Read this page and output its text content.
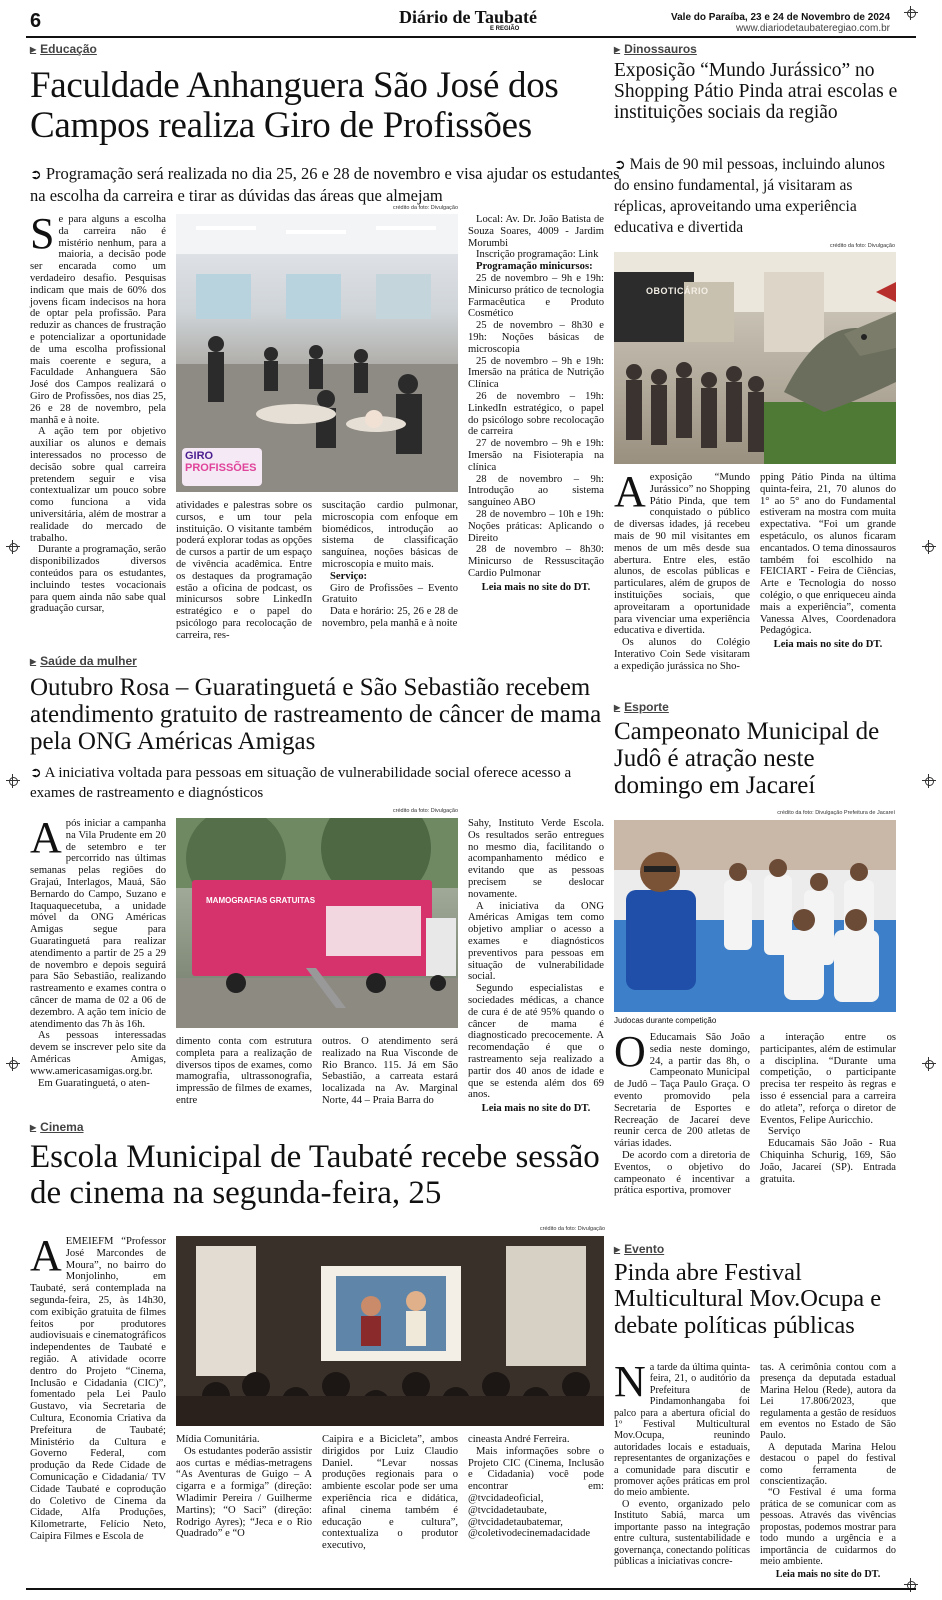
6	Diário de Taubaté
E REGIÃO
Vale do Paraíba, 23 e 24 de Novembro de 2024
www.diariodetaubateregiao.com.br
▶ Educação
Faculdade Anhanguera São José dos Campos realiza Giro de Profissões
➲ Programação será realizada no dia 25, 26 e 28 de novembro e visa ajudar os estudantes na escolha da carreira e tirar as dúvidas das áreas que almejam
crédito da foto: Divulgação
S e para alguns a escolha da carreira não é mistério nenhum, para a maioria, a decisão pode ser encarada como um verdadeiro desafio. Pesquisas indicam que mais de 60% dos jovens ficam indecisos na hora de optar pela profissão. Para reduzir as chances de frustração e potencializar a oportunidade de uma escolha profissional mais coerente e segura, a Faculdade Anhanguera São José dos Campos realizará o Giro de Profissões, nos dias 25, 26 e 28 de novembro, pela manhã e à noite.

A ação tem por objetivo auxiliar os alunos e demais interessados no processo de decisão sobre qual carreira pretendem seguir e visa contextualizar um pouco sobre como funciona a vida universitária, além de mostrar a realidade do mercado de trabalho.

Durante a programação, serão disponibilizados diversos conteúdos para os estudantes, incluindo testes vocacionais para quem ainda não sabe qual graduação cursar,

GIRO
PROFISSÕES

atividades e palestras sobre os cursos, e um tour pela instituição. O visitante também poderá explorar todas as opções de cursos a partir de um espaço de vivência acadêmica. Entre os destaques da programação estão a oficina de podcast, os minicursos sobre LinkedIn estratégico e o papel do psicólogo para recolocação de carreira, res-

suscitação cardio pulmonar, microscopia com enfoque em biomédicos, introdução ao sistema de classificação sanguínea, noções básicas de microscopia e muito mais.

Serviço:

Giro de Profissões – Evento Gratuito

Data e horário: 25, 26 e 28 de novembro, pela manhã e à noite

Local: Av. Dr. João Batista de Souza Soares, 4009 - Jardim Morumbi

Inscrição programação: Link

Programação minicursos:

25 de novembro – 9h e 19h: Minicurso prático de tecnologia Farmacêutica e Produto Cosmético

25 de novembro – 8h30 e 19h: Noções básicas de microscopia

25 de novembro – 9h e 19h: Imersão na prática de Nutrição Clínica

26 de novembro – 19h: LinkedIn estratégico, o papel do psicólogo sobre recolocação de carreira

27 de novembro – 9h e 19h: Imersão na Fisioterapia na clínica

28 de novembro – 9h: Introdução ao sistema sanguíneo ABO

28 de novembro – 10h e 19h: Noções práticas: Aplicando o Direito

28 de novembro – 8h30: Minicurso de Ressuscitação Cardio Pulmonar

Leia mais no site do DT.

▶ Dinossauros
Exposição “Mundo Jurássico” no Shopping Pátio Pinda atrai escolas e instituições sociais da região
➲ Mais de 90 mil pessoas, incluindo alunos do ensino fundamental, já visitaram as réplicas, aproveitando uma experiência educativa e divertida
crédito da foto: Divulgação
OBOTICÁRIO
A exposição “Mundo Jurássico” no Shopping Pátio Pinda, que tem conquistado o público de diversas idades, já recebeu mais de 90 mil visitantes em menos de um mês desde sua abertura. Entre eles, estão alunos, de escolas públicas e particulares, além de grupos de instituições sociais, que aproveitaram a oportunidade para vivenciar uma experiência educativa e divertida.

Os alunos do Colégio Interativo Coin Sede visitaram a expedição jurássica no Sho-

pping Pátio Pinda na última quinta-feira, 21, 70 alunos do 1° ao 5° ano do Fundamental estiveram na mostra com muita expectativa. “Foi um grande espetáculo, os alunos ficaram encantados. O tema dinossauros também foi escolhido na FEICIART - Feira de Ciências, Arte e Tecnologia do nosso colégio, o que enriqueceu ainda mais a experiência”, comenta Vanessa Alves, Coordenadora Pedagógica.

Leia mais no site do DT.

▶ Saúde da mulher
Outubro Rosa – Guaratinguetá e São Sebastião recebem atendimento gratuito de rastreamento de câncer de mama pela ONG Américas Amigas
➲ A iniciativa voltada para pessoas em situação de vulnerabilidade social oferece acesso a exames de rastreamento e diagnósticos
crédito da foto: Divulgação
A pós iniciar a campanha na Vila Prudente em 20 de setembro e ter percorrido nas últimas semanas pelas regiões do Grajaú, Interlagos, Mauá, São Bernardo do Campo, Suzano e Itaquaquecetuba, a unidade móvel da ONG Américas Amigas segue para Guaratinguetá para realizar atendimento a partir de 25 a 29 de novembro e depois seguirá para São Sebastião, realizando rastreamento e exames contra o câncer de mama de 02 a 06 de dezembro. A ação tem início de atendimento das 7h às 16h.

As pessoas interessadas devem se inscrever pelo site da Américas Amigas, www.americasamigas.org.br.

Em Guaratinguetá, o aten-

MAMOGRAFIAS GRATUITAS

dimento conta com estrutura completa para a realização de diversos tipos de exames, como mamografia, ultrassonografia, impressão de filmes de exames, entre

outros. O atendimento será realizado na Rua Visconde de Rio Branco. 115. Já em São Sebastião, a carreata estará localizada na Av. Marginal Norte, 44 – Praia Barra do

Sahy, Instituto Verde Escola. Os resultados serão entregues no mesmo dia, facilitando o acompanhamento médico e evitando que as pessoas precisem se deslocar novamente.

A iniciativa da ONG Américas Amigas tem como objetivo ampliar o acesso a exames e diagnósticos preventivos para pessoas em situação de vulnerabilidade social.

Segundo especialistas e sociedades médicas, a chance de cura é de até 95% quando o câncer de mama é diagnosticado precocemente. A recomendação é que o rastreamento seja realizado a partir dos 40 anos de idade e que se estenda além dos 69 anos.

Leia mais no site do DT.

▶ Esporte
Campeonato Municipal de Judô é atração neste domingo em Jacareí
crédito da foto: Divulgação Prefeitura de Jacareí
Judocas durante competição
O Educamais São João sedia neste domingo, 24, a partir das 8h, o Campeonato Municipal de Judô – Taça Paulo Graça. O evento promovido pela Secretaria de Esportes e Recreação de Jacareí deve reunir cerca de 200 atletas de várias idades.

De acordo com a diretoria de Eventos, o objetivo do campeonato é incentivar a prática esportiva, promover

a interação entre os participantes, além de estimular a disciplina. “Durante uma competição, o participante precisa ter respeito às regras e isso é essencial para a carreira do atleta”, reforça o diretor de Eventos, Felipe Auricchio.

Serviço

Educamais São João - Rua Chiquinha Schurig, 169, São João, Jacareí (SP). Entrada gratuita.

▶ Cinema
Escola Municipal de Taubaté recebe sessão de cinema na segunda-feira, 25
crédito da foto: Divulgação
A EMEIEFM “Professor José Marcondes de Moura”, no bairro do Monjolinho, em Taubaté, será contemplada na segunda-feira, 25, às 14h30, com exibição gratuita de filmes feitos por produtores audiovisuais e cinematográficos independentes de Taubaté e região. A atividade ocorre dentro do Projeto “Cinema, Inclusão e Cidadania (CIC)”, fomentado pela Lei Paulo Gustavo, via Secretaria de Cultura, Economia Criativa da Prefeitura de Taubaté; Ministério da Cultura e Governo Federal, com produção da Rede Cidade de Comunicação e Cidadania/ TV Cidade Taubaté e coprodução do Coletivo de Cinema da Cidade, Alfa Produções, Kilometrarte, Felício Neto, Caipira Filmes e Escola de

Mídia Comunitária.

Os estudantes poderão assistir aos curtas e médias-metragens “As Aventuras de Guigo – A cigarra e a formiga” (direção: Wladimir Pereira / Guilherme Martins); “O Saci” (direção: Rodrigo Ayres); “Jeca e o Rio Quadrado” e “O

Caipira e a Bicicleta”, ambos dirigidos por Luiz Claudio Daniel. “Levar nossas produções regionais para o ambiente escolar pode ser uma experiência rica e didática, afinal cinema também é educação e cultura”, contextualiza o produtor executivo,

cineasta André Ferreira.

Mais informações sobre o Projeto CIC (Cinema, Inclusão e Cidadania) você pode encontrar em: @tvcidadeoficial, @tvcidadetaubate, @tvcidadetaubatemar, @coletivodecinemadacidade

▶ Evento
Pinda abre Festival Multicultural Mov.Ocupa e debate políticas públicas
N a tarde da última quinta-feira, 21, o auditório da Prefeitura de Pindamonhangaba foi palco para a abertura oficial do 1º Festival Multicultural Mov.Ocupa, reunindo autoridades locais e estaduais, representantes de organizações e a comunidade para discutir e promover ações práticas em prol do meio ambiente.

O evento, organizado pelo Instituto Sabiá, marca um importante passo na integração entre cultura, sustentabilidade e governança, conectando políticas públicas a iniciativas concre-

tas. A cerimônia contou com a presença da deputada estadual Marina Helou (Rede), autora da Lei 17.806/2023, que regulamenta a gestão de resíduos em eventos no Estado de São Paulo.

A deputada Marina Helou destacou o papel do festival como ferramenta de conscientização.

“O Festival é uma forma prática de se comunicar com as pessoas. Através das vivências propostas, podemos mostrar para todo mundo a urgência e a importância de cuidarmos do meio ambiente.

Leia mais no site do DT.
